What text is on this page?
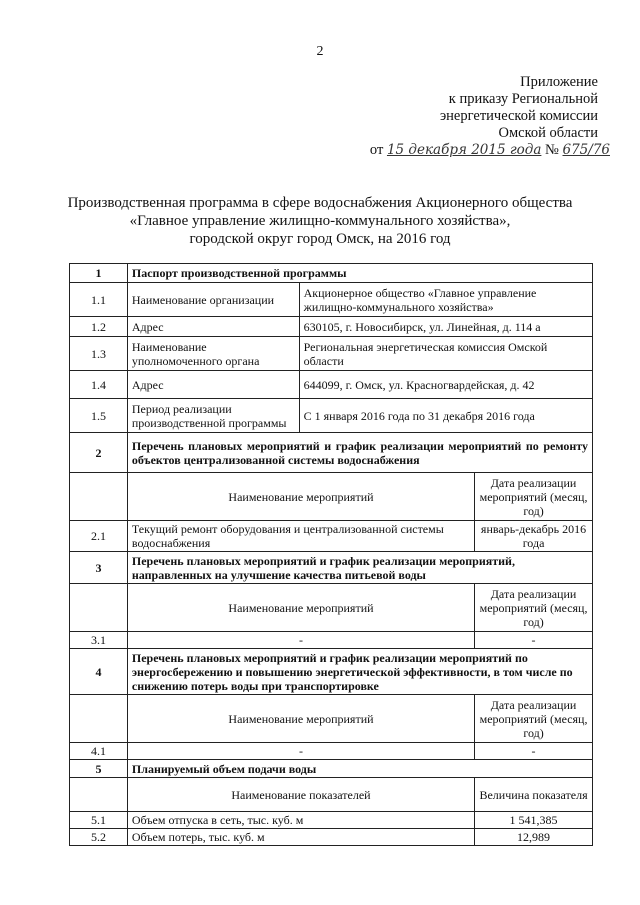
2
Приложение
к приказу Региональной
энергетической комиссии
Омской области
от 15 декабря 2015 года № 675/76
Производственная программа в сфере водоснабжения Акционерного общества
«Главное управление жилищно-коммунального хозяйства»,
городской округ город Омск, на 2016 год
1	Паспорт производственной программы		
1.1	Наименование организации	Акционерное общество «Главное управление жилищно-коммунального хозяйства»	
1.2	Адрес	630105, г. Новосибирск, ул. Линейная, д. 114 а	
1.3	Наименование уполномоченного органа	Региональная энергетическая комиссия Омской области	
1.4	Адрес	644099, г. Омск, ул. Красногвардейская, д. 42	
1.5	Период реализации производственной программы	С 1 января 2016 года по 31 декабря 2016 года	
2	Перечень плановых мероприятий и график реализации мероприятий по ремонту объектов централизованной системы водоснабжения		
	Наименование мероприятий		Дата реализации мероприятий (месяц, год)
2.1	Текущий ремонт оборудования и централизованной системы водоснабжения		январь-декабрь 2016 года
3	Перечень плановых мероприятий и график реализации мероприятий, направленных на улучшение качества питьевой воды		
	Наименование мероприятий		Дата реализации мероприятий (месяц, год)
3.1	-		-
4	Перечень плановых мероприятий и график реализации мероприятий по энергосбережению и повышению энергетической эффективности, в том числе по снижению потерь воды при транспортировке		
	Наименование мероприятий		Дата реализации мероприятий (месяц, год)
4.1	-		-
5	Планируемый объем подачи воды		
	Наименование показателей		Величина показателя
5.1	Объем отпуска в сеть, тыс. куб. м		1 541,385
5.2	Объем потерь, тыс. куб. м		12,989
